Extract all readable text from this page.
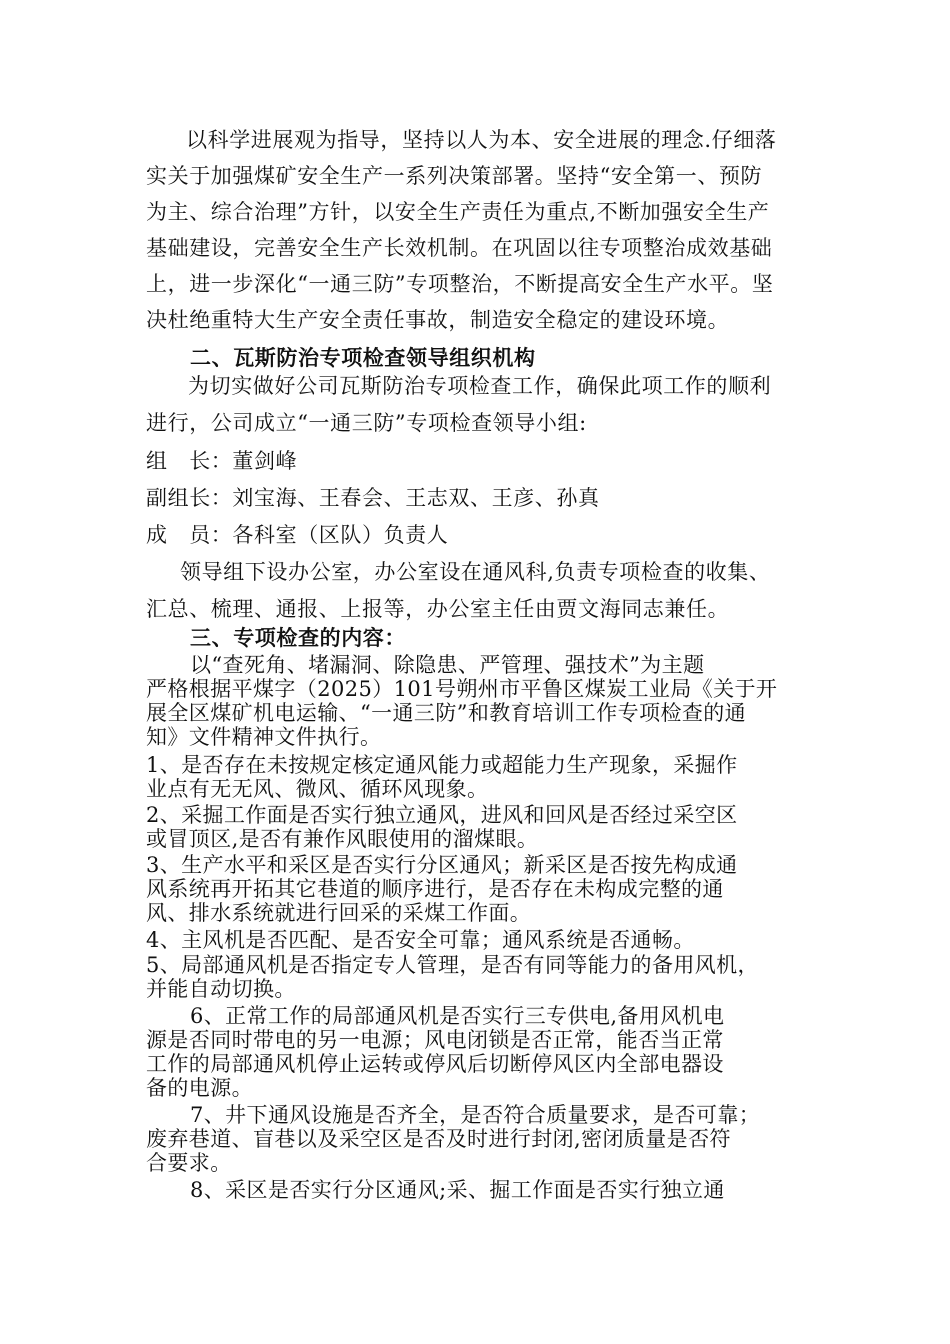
以科学进展观为指导，坚持以人为本、安全进展的理念.仔细落

实关于加强煤矿安全生产一系列决策部署。坚持“安全第一、预防

为主、综合治理”方针，以安全生产责任为重点,不断加强安全生产

基础建设，完善安全生产长效机制。在巩固以往专项整治成效基础

上，进一步深化“一通三防”专项整治，不断提高安全生产水平。坚

决杜绝重特大生产安全责任事故，制造安全稳定的建设环境。

二、瓦斯防治专项检查领导组织机构

为切实做好公司瓦斯防治专项检查工作，确保此项工作的顺利

进行，公司成立“一通三防”专项检查领导小组:

组　长：董剑峰

副组长：刘宝海、王春会、王志双、王彦、孙真

成　员：各科室（区队）负责人

领导组下设办公室，办公室设在通风科,负责专项检查的收集、

汇总、梳理、通报、上报等，办公室主任由贾文海同志兼任。

三、专项检查的内容：

以“查死角、堵漏洞、除隐患、严管理、强技术”为主题

严格根据平煤字（2025）101号朔州市平鲁区煤炭工业局《关于开

展全区煤矿机电运输、“一通三防”和教育培训工作专项检查的通

知》文件精神文件执行。

1、是否存在未按规定核定通风能力或超能力生产现象，采掘作

业点有无无风、微风、循环风现象。

2、采掘工作面是否实行独立通风，进风和回风是否经过采空区

或冒顶区,是否有兼作风眼使用的溜煤眼。

3、生产水平和采区是否实行分区通风；新采区是否按先构成通

风系统再开拓其它巷道的顺序进行，是否存在未构成完整的通

风、排水系统就进行回采的采煤工作面。

4、主风机是否匹配、是否安全可靠；通风系统是否通畅。

5、局部通风机是否指定专人管理，是否有同等能力的备用风机，

并能自动切换。

6、正常工作的局部通风机是否实行三专供电,备用风机电

源是否同时带电的另一电源；风电闭锁是否正常，能否当正常

工作的局部通风机停止运转或停风后切断停风区内全部电器设

备的电源。

7、井下通风设施是否齐全，是否符合质量要求，是否可靠；

废弃巷道、盲巷以及采空区是否及时进行封闭,密闭质量是否符

合要求。

8、采区是否实行分区通风;采、掘工作面是否实行独立通
